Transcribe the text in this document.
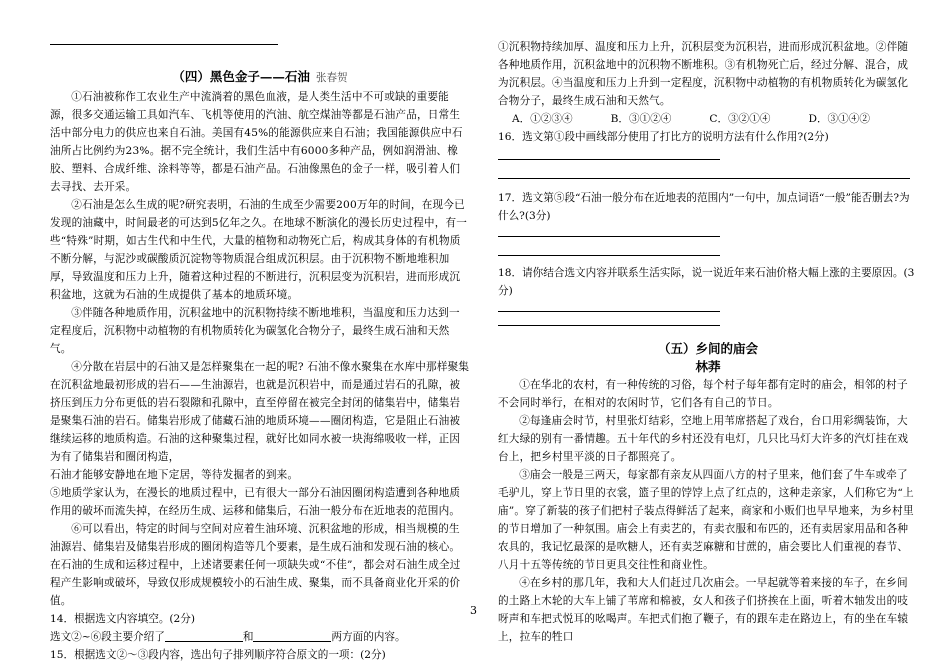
（四）黑色金子——石油 张春贺

①石油被称作工农业生产中流淌着的黑色血液，是人类生活中不可或缺的重要能源，很多交通运输工具如汽车、飞机等使用的汽油、航空煤油等都是石油产品，日常生活中部分电力的供应也来自石油。美国有45%的能源供应来自石油；我国能源供应中石油所占比例约为23%。据不完全统计，我们生活中有6000多种产品，例如润滑油、橡胶、塑料、合成纤维、涂料等等，都是石油产品。石油像黑色的金子一样，吸引着人们去寻找、去开采。

②石油是怎么生成的呢?研究表明，石油的生成至少需要200万年的时间，在现今已发现的油藏中，时间最老的可达到5亿年之久。在地球不断演化的漫长历史过程中，有一些“特殊”时期，如古生代和中生代，大量的植物和动物死亡后，构成其身体的有机物质不断分解，与泥沙或碳酸质沉淀物等物质混合组成沉积层。由于沉积物不断地堆积加厚，导致温度和压力上升，随着这种过程的不断进行，沉积层变为沉积岩，进而形成沉积盆地，这就为石油的生成提供了基本的地质环境。

③伴随各种地质作用，沉积盆地中的沉积物持续不断地堆积，当温度和压力达到一定程度后，沉积物中动植物的有机物质转化为碳氢化合物分子，最终生成石油和天然气。

④分散在岩层中的石油又是怎样聚集在一起的呢? 石油不像水聚集在水库中那样聚集在沉积盆地最初形成的岩石——生油源岩，也就是沉积岩中，而是通过岩石的孔隙，被挤压到压力分布更低的岩石裂隙和孔隙中，直至停留在被完全封闭的储集岩中，储集岩是聚集石油的岩石。储集岩形成了储藏石油的地质环境——圈闭构造，它是阻止石油被继续运移的地质构造。石油的这种聚集过程，就好比如同水被一块海绵吸收一样，正因为有了储集岩和圈闭构造，

石油才能够安静地在地下定居，等待发掘者的到来。

⑤地质学家认为，在漫长的地质过程中，已有很大一部分石油因圈闭构造遭到各种地质作用的破坏而流失掉，在经历生成、运移和储集后，石油一般分布在近地表的范围内。

⑥可以看出，特定的时间与空间对应着生油环境、沉积盆地的形成，相当规模的生油源岩、储集岩及储集岩形成的圈闭构造等几个要素，是生成石油和发现石油的核心。在石油的生成和运移过程中，上述诸要素任何一项缺失或“不佳”，都会对石油生成全过程产生影响或破坏，导致仅形成规模较小的石油生成、聚集，而不具备商业化开采的价值。

14．根据选文内容填空。(2分)

选文②~⑥段主要介绍了	和	两方面的内容。

15．根据选文②～③段内容，选出句子排列顺序符合原文的一项：(2分)

①沉积物持续加厚、温度和压力上升，沉积层变为沉积岩，进而形成沉积盆地。②伴随各种地质作用，沉积盆地中的沉积物不断堆积。③有机物死亡后，经过分解、混合，成为沉积层。④当温度和压力上升到一定程度，沉积物中动植物的有机物质转化为碳氢化合物分子，最终生成石油和天然气。

A．①②③④	B．③①②④	C．③②①④	D．③①④②

16．选文第①段中画线部分使用了打比方的说明方法有什么作用?(2分)

17．选文第⑤段“石油一般分布在近地表的范围内”一句中，加点词语“一般”能否删去?为什么?(3分)

18．请你结合选文内容并联系生活实际，说一说近年来石油价格大幅上涨的主要原因。(3分)

（五）乡间的庙会
林莽

①在华北的农村，有一种传统的习俗，每个村子每年都有定时的庙会，相邻的村子不会同时举行，在相对的农闲时节，它们各有自己的节日。

②每逢庙会时节，村里张灯结彩，空地上用苇席搭起了戏台，台口用彩绸装饰，大红大绿的别有一番情趣。五十年代的乡村还没有电灯，几只比马灯大许多的汽灯挂在戏台上，把乡村里平淡的日子都照亮了。

③庙会一般是三两天，每家都有亲友从四面八方的村子里来，他们套了牛车或牵了毛驴儿，穿上节日里的衣裳，篮子里的饽饽上点了红点的，这种走亲家，人们称它为“上庙”。穿了新装的孩子们把村子装点得鲜活了起来，商家和小贩们也早早地来，为乡村里的节日增加了一种氛围。庙会上有卖艺的，有卖衣服和布匹的，还有卖居家用品和各种农具的，我记忆最深的是吹糖人，还有卖芝麻糖和甘蔗的，庙会要比人们重视的春节、八月十五等传统的节日更具交往性和商业性。

④在乡村的那几年，我和大人们赶过几次庙会。一早起就等着来接的车子，在乡间的土路上木轮的大车上铺了苇席和棉被，女人和孩子们挤挨在上面，听着木轴发出的吱呀声和车把式悦耳的吆喝声。车把式们抱了鞭子，有的跟车走在路边上，有的坐在车辕上，拉车的牲口

3
